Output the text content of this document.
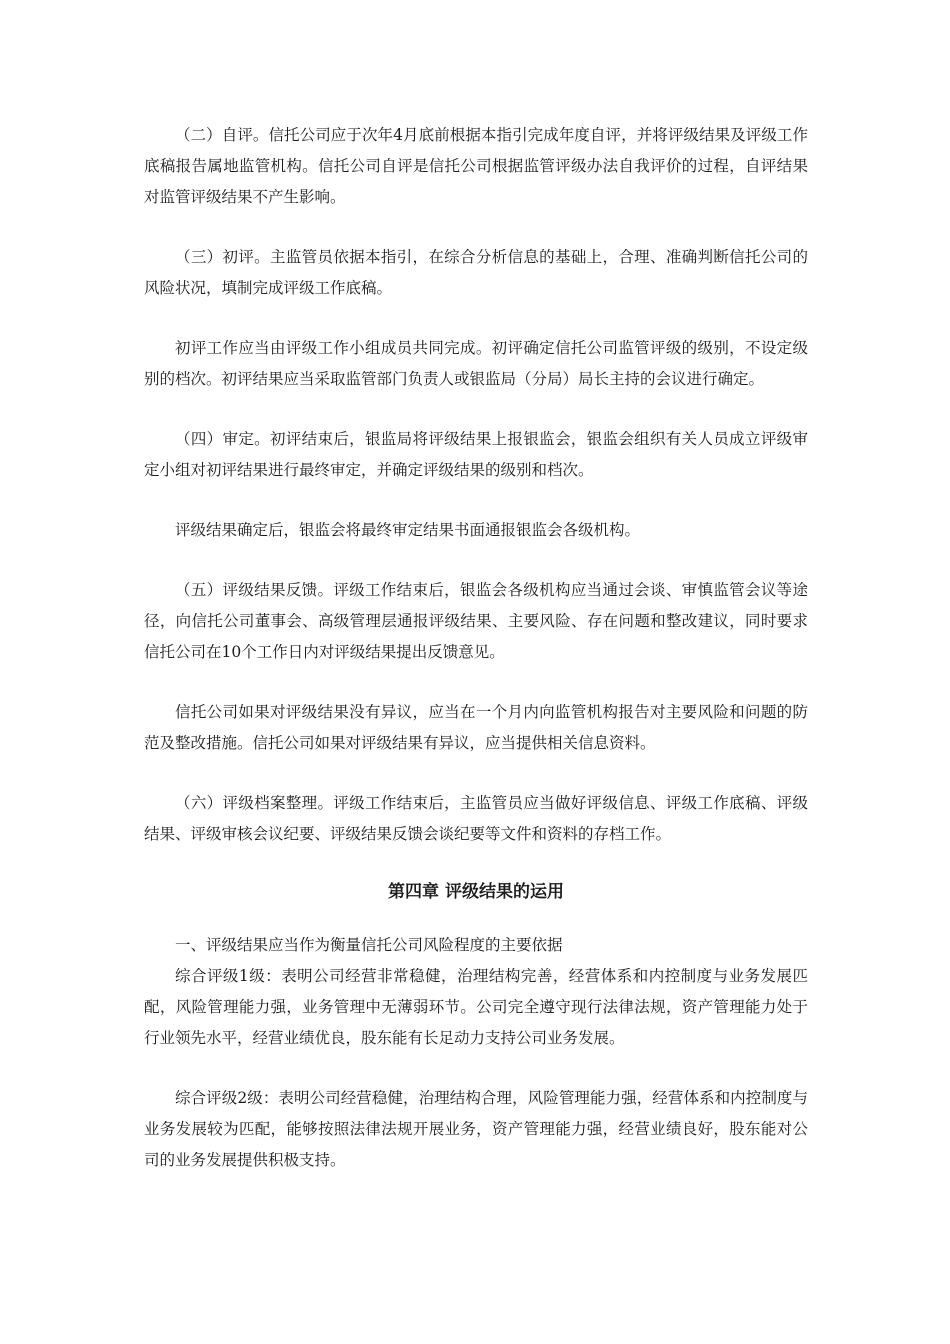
（二）自评。信托公司应于次年4月底前根据本指引完成年度自评，并将评级结果及评级工作底稿报告属地监管机构。信托公司自评是信托公司根据监管评级办法自我评价的过程，自评结果对监管评级结果不产生影响。

（三）初评。主监管员依据本指引，在综合分析信息的基础上，合理、准确判断信托公司的风险状况，填制完成评级工作底稿。

初评工作应当由评级工作小组成员共同完成。初评确定信托公司监管评级的级别，不设定级别的档次。初评结果应当采取监管部门负责人或银监局（分局）局长主持的会议进行确定。

（四）审定。初评结束后，银监局将评级结果上报银监会，银监会组织有关人员成立评级审定小组对初评结果进行最终审定，并确定评级结果的级别和档次。

评级结果确定后，银监会将最终审定结果书面通报银监会各级机构。

（五）评级结果反馈。评级工作结束后，银监会各级机构应当通过会谈、审慎监管会议等途径，向信托公司董事会、高级管理层通报评级结果、主要风险、存在问题和整改建议，同时要求信托公司在10个工作日内对评级结果提出反馈意见。

信托公司如果对评级结果没有异议，应当在一个月内向监管机构报告对主要风险和问题的防范及整改措施。信托公司如果对评级结果有异议，应当提供相关信息资料。

（六）评级档案整理。评级工作结束后，主监管员应当做好评级信息、评级工作底稿、评级结果、评级审核会议纪要、评级结果反馈会谈纪要等文件和资料的存档工作。

第四章 评级结果的运用

一、评级结果应当作为衡量信托公司风险程度的主要依据

综合评级1级：表明公司经营非常稳健，治理结构完善，经营体系和内控制度与业务发展匹配，风险管理能力强，业务管理中无薄弱环节。公司完全遵守现行法律法规，资产管理能力处于行业领先水平，经营业绩优良，股东能有长足动力支持公司业务发展。

综合评级2级：表明公司经营稳健，治理结构合理，风险管理能力强，经营体系和内控制度与业务发展较为匹配，能够按照法律法规开展业务，资产管理能力强，经营业绩良好，股东能对公司的业务发展提供积极支持。
